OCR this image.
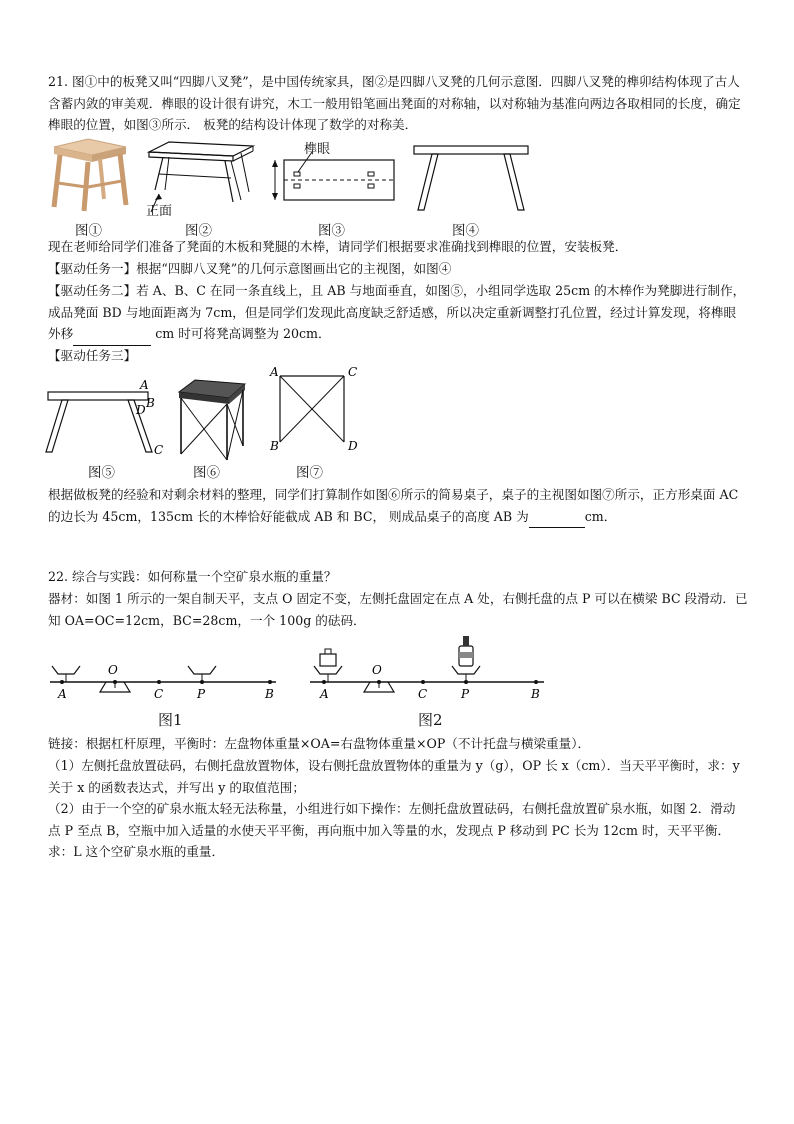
21. 图①中的板凳又叫“四脚八叉凳”，是中国传统家具，图②是四脚八叉凳的几何示意图．四脚八叉凳的榫卯结构体现了古人含蓄内敛的审美观．榫眼的设计很有讲究，木工一般用铅笔画出凳面的对称轴，以对称轴为基准向两边各取相同的长度，确定榫眼的位置，如图③所示． 板凳的结构设计体现了数学的对称美．

正面
榫眼
图①	图②	图③	图④

现在老师给同学们准备了凳面的木板和凳腿的木棒，请同学们根据要求准确找到榫眼的位置，安装板凳．

【驱动任务一】根据“四脚八叉凳”的几何示意图画出它的主视图，如图④

【驱动任务二】若 A、B、C 在同一条直线上，且 AB 与地面垂直，如图⑤，小组同学选取 25cm 的木棒作为凳脚进行制作，成品凳面 BD 与地面距离为 7cm，但是同学们发现此高度缺乏舒适感，所以决定重新调整打孔位置，经过计算发现，将榫眼外移	cm 时可将凳高调整为 20cm．

【驱动任务三】

A
B
D
C
A	C
B	D
图⑤	图⑥	图⑦

根据做板凳的经验和对剩余材料的整理，同学们打算制作如图⑥所示的简易桌子，桌子的主视图如图⑦所示，正方形桌面 AC 的边长为 45cm，135cm 长的木棒恰好能截成 AB 和 BC， 则成品桌子的高度 AB 为	cm．

22. 综合与实践：如何称量一个空矿泉水瓶的重量？

器材：如图 1 所示的一架自制天平，支点 O 固定不变，左侧托盘固定在点 A 处，右侧托盘的点 P 可以在横梁 BC 段滑动．已知 OA=OC=12cm，BC=28cm，一个 100g 的砝码．

A
O
C	P	B	A
O
C	P	B
图1	图2

链接：根据杠杆原理，平衡时：左盘物体重量×OA=右盘物体重量×OP（不计托盘与横梁重量）．

（1）左侧托盘放置砝码，右侧托盘放置物体，设右侧托盘放置物体的重量为 y（g），OP 长 x（cm）．当天平平衡时，求：y 关于 x 的函数表达式，并写出 y 的取值范围；

（2）由于一个空的矿泉水瓶太轻无法称量，小组进行如下操作：左侧托盘放置砝码，右侧托盘放置矿泉水瓶，如图 2．滑动点 P 至点 B，空瓶中加入适量的水使天平平衡，再向瓶中加入等量的水，发现点 P 移动到 PC 长为 12cm 时，天平平衡．求：L 这个空矿泉水瓶的重量．
